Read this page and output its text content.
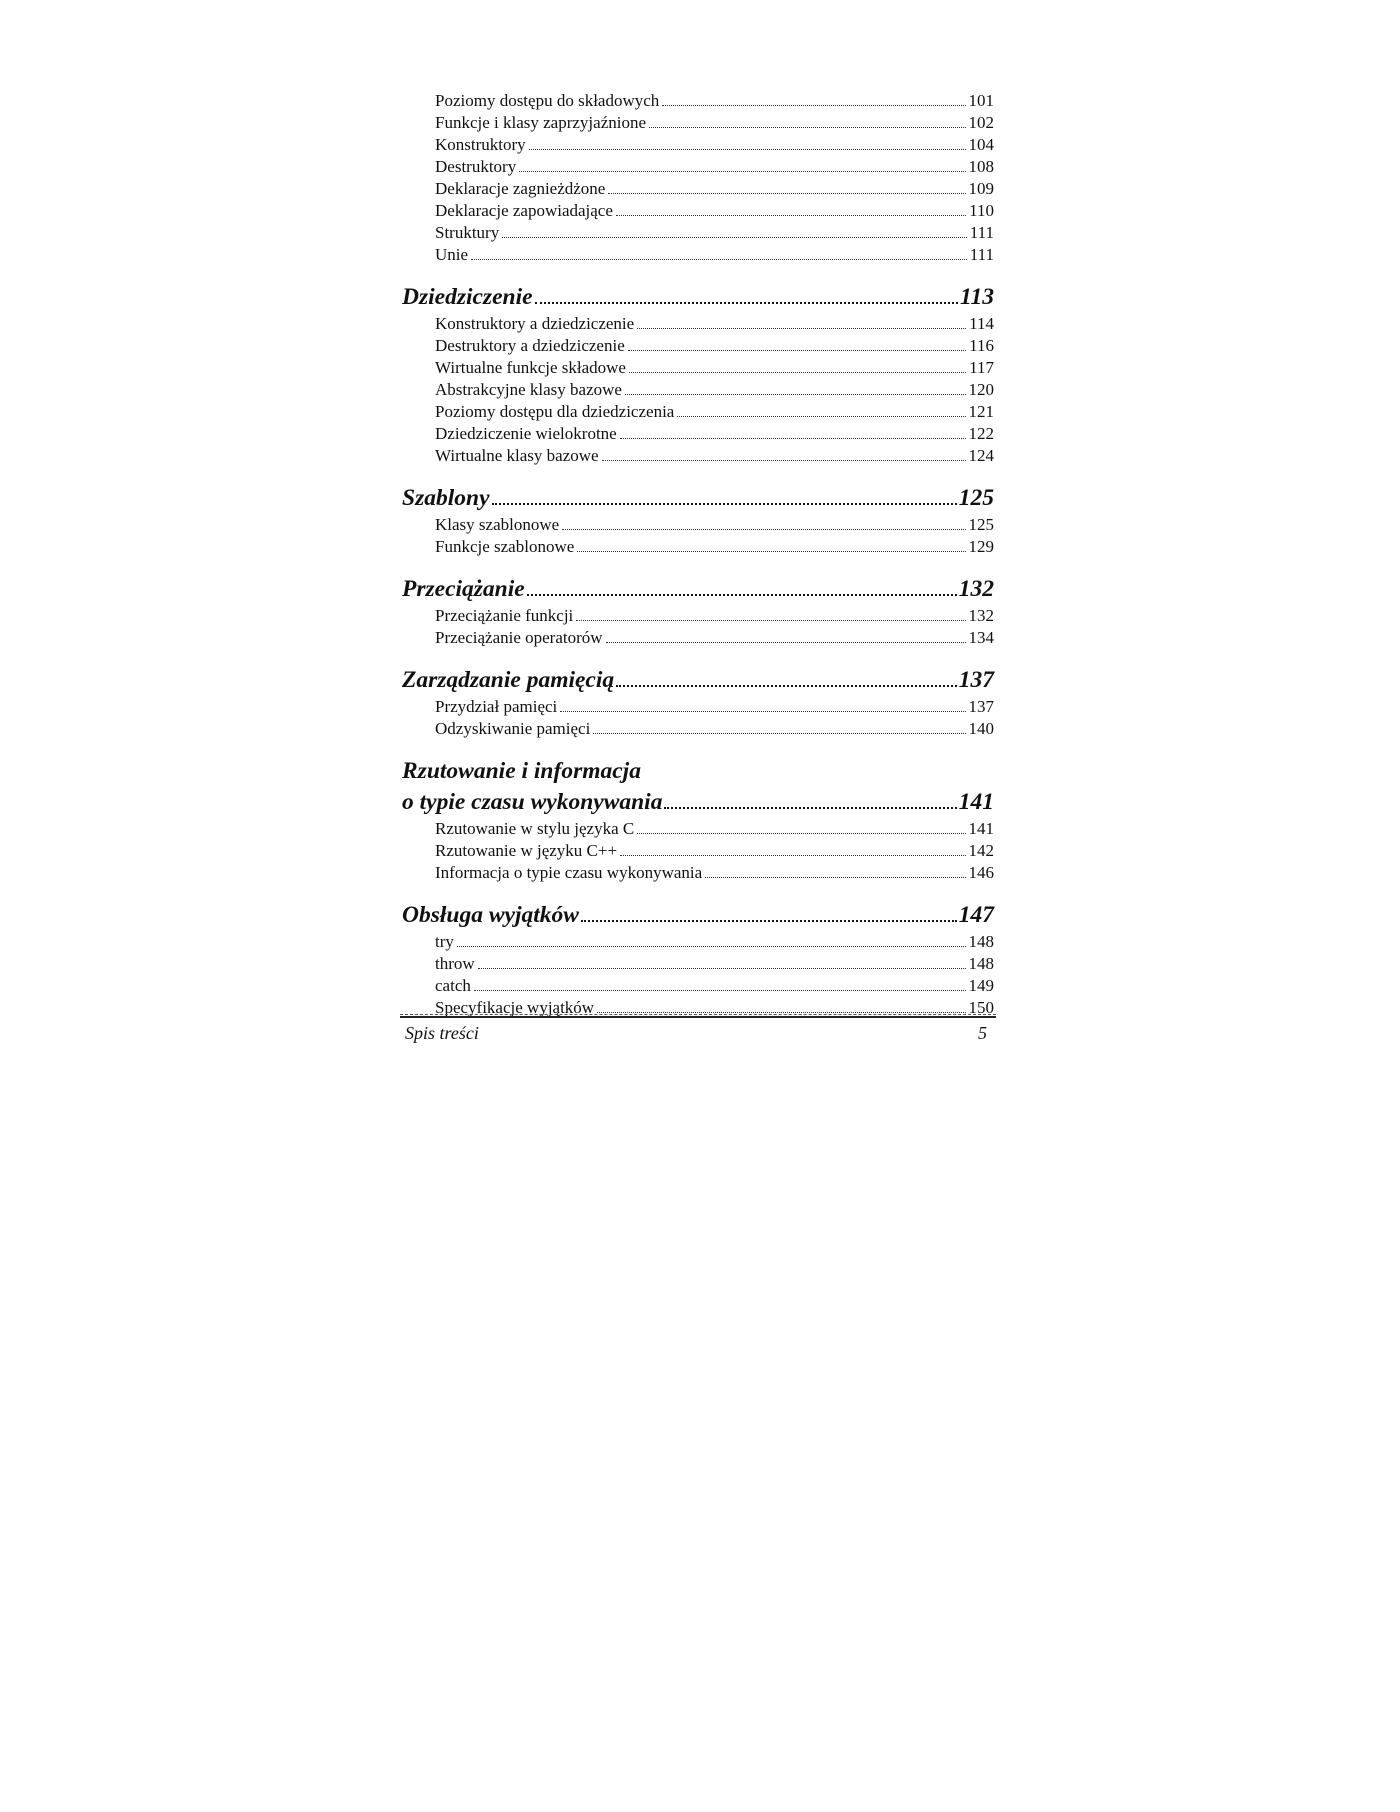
Poziomy dostępu do składowych	101
Funkcje i klasy zaprzyjaźnione	102
Konstruktory	104
Destruktory	108
Deklaracje zagnieżdżone	109
Deklaracje zapowiadające	110
Struktury	111
Unie	111
Dziedziczenie	113
Konstruktory a dziedziczenie	114
Destruktory a dziedziczenie	116
Wirtualne funkcje składowe	117
Abstrakcyjne klasy bazowe	120
Poziomy dostępu dla dziedziczenia	121
Dziedziczenie wielokrotne	122
Wirtualne klasy bazowe	124
Szablony	125
Klasy szablonowe	125
Funkcje szablonowe	129
Przeciążanie	132
Przeciążanie funkcji	132
Przeciążanie operatorów	134
Zarządzanie pamięcią	137
Przydział pamięci	137
Odzyskiwanie pamięci	140
Rzutowanie i informacja
o typie czasu wykonywania	141
Rzutowanie w stylu języka C	141
Rzutowanie w języku C++	142
Informacja o typie czasu wykonywania	146
Obsługa wyjątków	147
try	148
throw	148
catch	149
Specyfikacje wyjątków	150
Spis treści	5
